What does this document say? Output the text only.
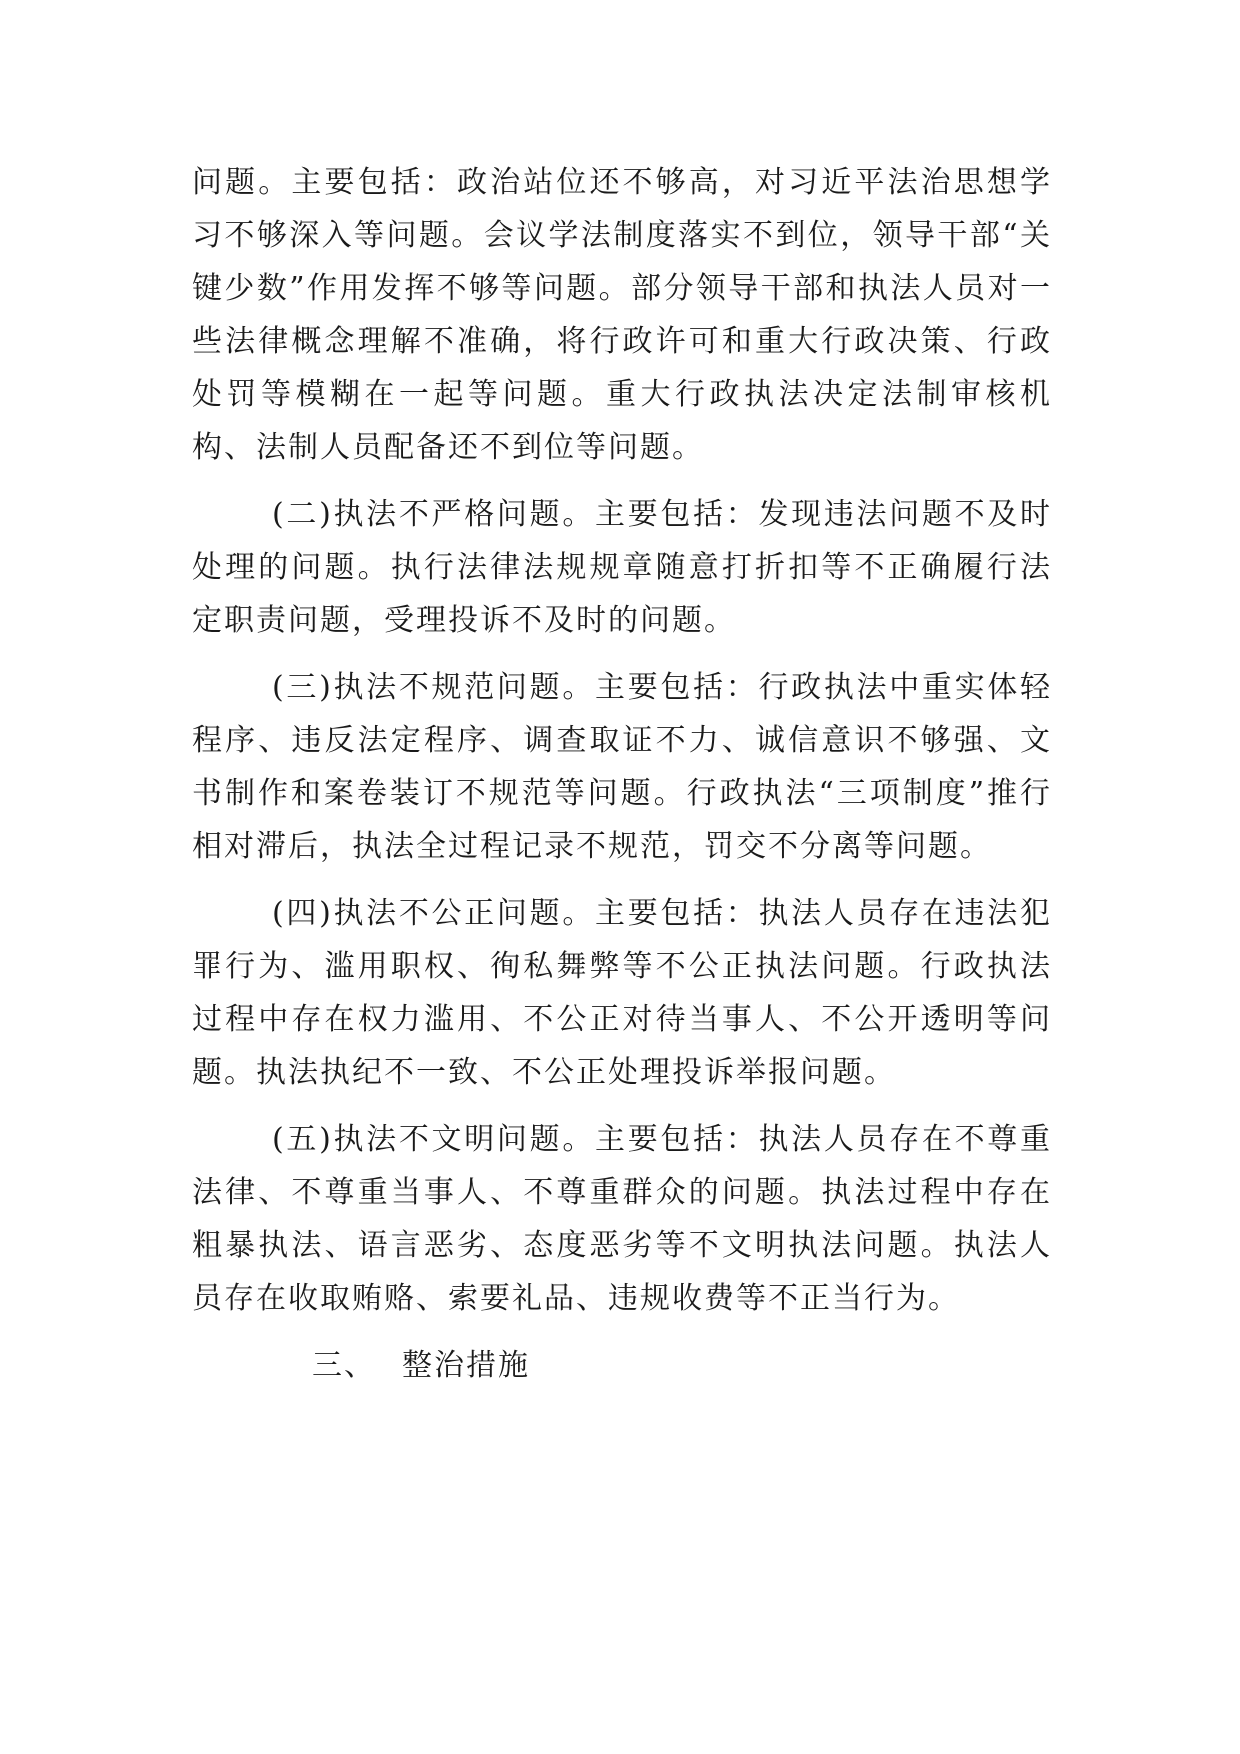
问题。主要包括：政治站位还不够高，对习近平法治思想学习不够深入等问题。会议学法制度落实不到位，领导干部“关键少数”作用发挥不够等问题。部分领导干部和执法人员对一些法律概念理解不准确，将行政许可和重大行政决策、行政处罚等模糊在一起等问题。重大行政执法决定法制审核机构、法制人员配备还不到位等问题。

(二)执法不严格问题。主要包括：发现违法问题不及时处理的问题。执行法律法规规章随意打折扣等不正确履行法定职责问题，受理投诉不及时的问题。

(三)执法不规范问题。主要包括：行政执法中重实体轻程序、违反法定程序、调查取证不力、诚信意识不够强、文书制作和案卷装订不规范等问题。行政执法“三项制度”推行相对滞后，执法全过程记录不规范，罚交不分离等问题。

(四)执法不公正问题。主要包括：执法人员存在违法犯罪行为、滥用职权、徇私舞弊等不公正执法问题。行政执法过程中存在权力滥用、不公正对待当事人、不公开透明等问题。执法执纪不一致、不公正处理投诉举报问题。

(五)执法不文明问题。主要包括：执法人员存在不尊重法律、不尊重当事人、不尊重群众的问题。执法过程中存在粗暴执法、语言恶劣、态度恶劣等不文明执法问题。执法人员存在收取贿赂、索要礼品、违规收费等不正当行为。

三、 整治措施
